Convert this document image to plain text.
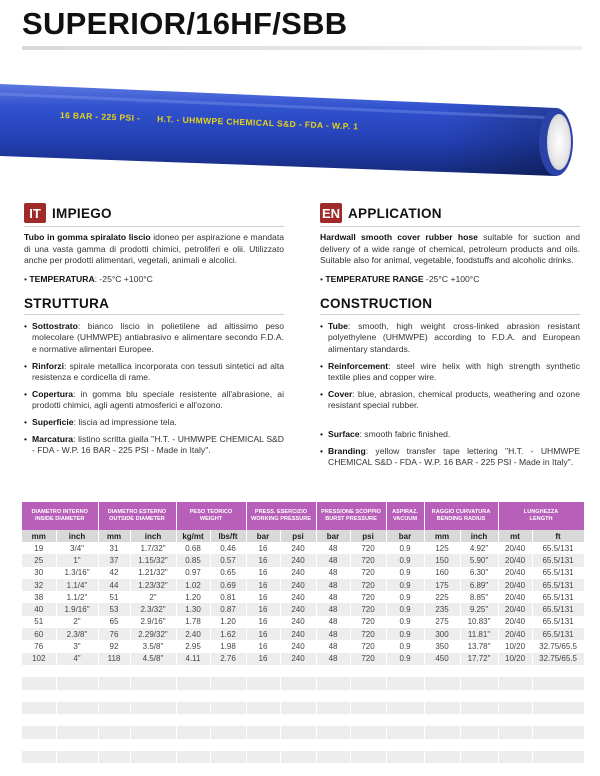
SUPERIOR/16HF/SBB
16 BAR - 225 PSI - H.T. - UHMWPE CHEMICAL S&D - FDA - W.P. 1
IT IMPIEGO

Tubo in gomma spiralato liscio idoneo per aspirazione e mandata di una vasta gamma di prodotti chimici, petroliferi e olii. Utilizzato anche per prodotti alimentari, vegetali, animali e alcolici.

• TEMPERATURA: -25°C +100°C

STRUTTURA
• Sottostrato: bianco liscio in polietilene ad altissimo peso molecolare (UHMWPE) antiabrasivo e alimentare secondo F.D.A. e normative alimentari Europee.
• Rinforzi: spirale metallica incorporata con tessuti sintetici ad alta resistenza e cordicella di rame.
• Copertura: in gomma blu speciale resistente all'abrasione, ai prodotti chimici, agli agenti atmosferici e all'ozono.
• Superficie: liscia ad impressione tela.
• Marcatura: listino scritta gialla "H.T. - UHMWPE CHEMICAL S&D - FDA - W.P. 16 BAR - 225 PSI - Made in Italy".
EN APPLICATION

Hardwall smooth cover rubber hose suitable for suction and delivery of a wide range of chemical, petroleum products and oils. Suitable also for animal, vegetable, foodstuffs and alcoholic drinks.

• TEMPERATURE RANGE -25°C +100°C

CONSTRUCTION
• Tube: smooth, high weight cross-linked abrasion resistant polyethylene (UHMWPE) according to F.D.A. and European alimentary standards.
• Reinforcement: steel wire helix with high strength synthetic textile plies and copper wire.
• Cover: blue, abrasion, chemical products, weathering and ozone resistant special rubber.
• Surface: smooth fabric finished.
• Branding: yellow transfer tape lettering "H.T. - UHMWPE CHEMICAL S&D - FDA - W.P. 16 BAR - 225 PSI - Made in Italy".
DIAMETRO INTERNO
INSIDE DIAMETER		DIAMETRO ESTERNO
OUTSIDE DIAMETER		PESO TEORICO
WEIGHT		PRESS. ESERCIZIO
WORKING PRESSURE		PRESSIONE SCOPPIO
BURST PRESSURE		ASPIRAZ.
VACUUM	RAGGIO CURVATURA
BENDING RADIUS		LUNGHEZZA
LENGTH	
mm	inch	mm	inch	kg/mt	lbs/ft	bar	psi	bar	psi	bar	mm	inch	mt	ft
19	3/4"	31	1.7/32"	0.68	0.46	16	240	48	720	0.9	125	4.92"	20/40	65.5/131
25	1"	37	1.15/32"	0.85	0.57	16	240	48	720	0.9	150	5.90"	20/40	65.5/131
30	1.3/16"	42	1.21/32"	0.97	0.65	16	240	48	720	0.9	160	6.30"	20/40	65.5/131
32	1.1/4"	44	1.23/32"	1.02	0.69	16	240	48	720	0.9	175	6.89"	20/40	65.5/131
38	1.1/2"	51	2"	1.20	0.81	16	240	48	720	0.9	225	8.85"	20/40	65.5/131
40	1.9/16"	53	2.3/32"	1.30	0.87	16	240	48	720	0.9	235	9.25"	20/40	65.5/131
51	2"	65	2.9/16"	1.78	1.20	16	240	48	720	0.9	275	10.83"	20/40	65.5/131
60	2.3/8"	76	2.29/32"	2.40	1.62	16	240	48	720	0.9	300	11.81"	20/40	65.5/131
76	3"	92	3.5/8"	2.95	1.98	16	240	48	720	0.9	350	13.78"	10/20	32.75/65.5
102	4"	118	4.5/8"	4.11	2.76	16	240	48	720	0.9	450	17.72"	10/20	32.75/65.5
